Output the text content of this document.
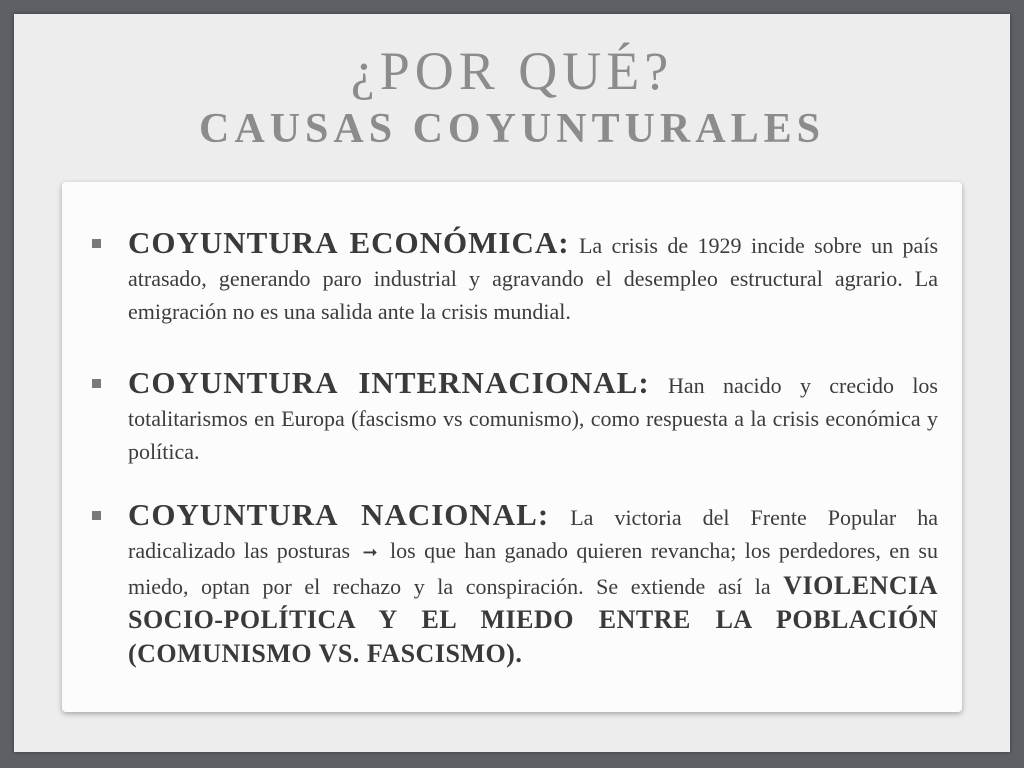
¿POR QUÉ?
CAUSAS COYUNTURALES
COYUNTURA ECONÓMICA: La crisis de 1929 incide sobre un país atrasado, generando paro industrial y agravando el desempleo estructural agrario. La emigración no es una salida ante la crisis mundial.
COYUNTURA INTERNACIONAL: Han nacido y crecido los totalitarismos en Europa (fascismo vs comunismo), como respuesta a la crisis económica y política.
COYUNTURA NACIONAL: La victoria del Frente Popular ha radicalizado las posturas ➞ los que han ganado quieren revancha; los perdedores, en su miedo, optan por el rechazo y la conspiración. Se extiende así la VIOLENCIA SOCIO-POLÍTICA Y EL MIEDO ENTRE LA POBLACIÓN (COMUNISMO VS. FASCISMO).
